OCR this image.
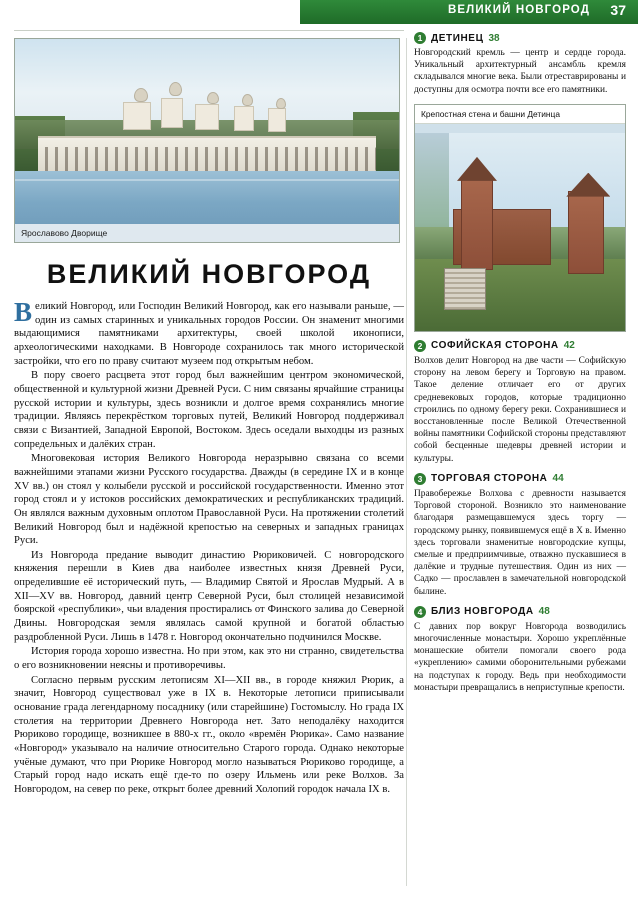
ВЕЛИКИЙ НОВГОРОД 37
Ярославово Дворище
ВЕЛИКИЙ НОВГОРОД

Великий Новгород, или Господин Великий Новгород, как его называли раньше, — один из самых старинных и уникальных городов России. Он знаменит многими выдающимися памятниками архитектуры, своей школой иконописи, археологическими находками. В Новгороде сохранилось так много исторической застройки, что его по праву считают музеем под открытым небом.

В пору своего расцвета этот город был важнейшим центром экономической, общественной и культурной жизни Древней Руси. С ним связаны ярчайшие страницы русской истории и культуры, здесь возникли и долгое время сохранялись многие традиции. Являясь перекрёстком торговых путей, Великий Новгород поддерживал связи с Византией, Западной Европой, Востоком. Здесь оседали выходцы из разных сопредельных и далёких стран.

Многовековая история Великого Новгорода неразрывно связана со всеми важнейшими этапами жизни Русского государства. Дважды (в середине IX и в конце XV вв.) он стоял у колыбели русской и российской государственности. Именно этот город стоял и у истоков российских демократических и республиканских традиций. Он являлся важным духовным оплотом Православной Руси. На протяжении столетий Великий Новгород был и надёжной крепостью на северных и западных границах Руси.

Из Новгорода предание выводит династию Рюриковичей. С новгородского княжения перешли в Киев два наиболее известных князя Древней Руси, определившие её исторический путь, — Владимир Святой и Ярослав Мудрый. А в XII—XV вв. Новгород, давний центр Северной Руси, был столицей независимой боярской «республики», чьи владения простирались от Финского залива до Северной Двины. Новгородская земля являлась самой крупной и богатой областью раздробленной Руси. Лишь в 1478 г. Новгород окончательно подчинился Москве.

История города хорошо известна. Но при этом, как это ни странно, свидетельства о его возникновении неясны и противоречивы.

Согласно первым русским летописям XI—XII вв., в городе княжил Рюрик, а значит, Новгород существовал уже в IX в. Некоторые летописи приписывали основание града легендарному посаднику (или старейшине) Гостомыслу. Но града IX столетия на территории Древнего Новгорода нет. Зато неподалёку находится Рюриково городище, возникшее в 880-х гг., около «времён Рюрика». Само название «Новгород» указывало на наличие относительно Старого города. Однако некоторые учёные думают, что при Рюрике Новгород могло называться Рюриково городище, а Старый город надо искать ещё где-то по озеру Ильмень или реке Волхов. За Новгородом, на север по реке, открыт более древний Холопий городок начала IX в.

1 ДЕТИНЕЦ 38
Новгородский кремль — центр и сердце города. Уникальный архитектурный ансамбль кремля складывался многие века. Были отреставрированы и доступны для осмотра почти все его памятники.
Крепостная стена и башни Детинца
2 СОФИЙСКАЯ СТОРОНА 42
Волхов делит Новгород на две части — Софийскую сторону на левом берегу и Торговую на правом. Такое деление отличает его от других средневековых городов, которые традиционно строились по одному берегу реки. Сохранившиеся и восстановленные после Великой Отечественной войны памятники Софийской стороны представляют собой бесценные шедевры древней истории и культуры.
3 ТОРГОВАЯ СТОРОНА 44
Правобережье Волхова с древности называется Торговой стороной. Возникло это наименование благодаря размещавшемуся здесь торгу — городскому рынку, появившемуся ещё в X в. Именно здесь торговали знаменитые новгородские купцы, смелые и предприимчивые, отважно пускавшиеся в далёкие и трудные путешествия. Один из них — Садко — прославлен в замечательной новгородской былине.
4 БЛИЗ НОВГОРОДА 48
С давних пор вокруг Новгорода возводились многочисленные монастыри. Хорошо укреплённые монашеские обители помогали своего рода «укреплению» самими оборонительными рубежами на подступах к городу. Ведь при необходимости монастыри превращались в неприступные крепости.
